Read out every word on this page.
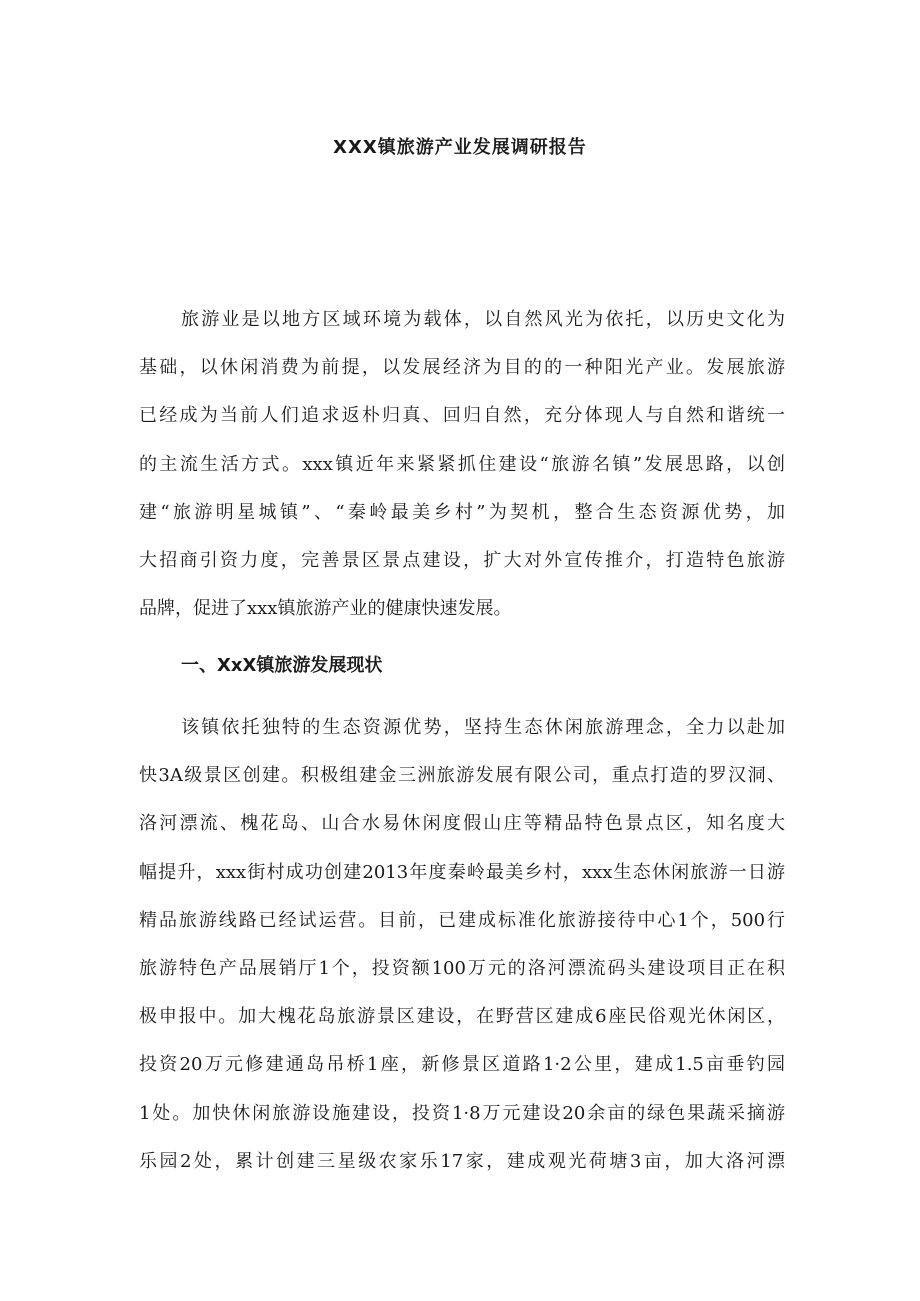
XXX镇旅游产业发展调研报告
旅游业是以地方区域环境为载体，以自然风光为依托，以历史文化为
基础，以休闲消费为前提，以发展经济为目的的一种阳光产业。发展旅游
已经成为当前人们追求返朴归真、回归自然，充分体现人与自然和谐统一
的主流生活方式。xxx镇近年来紧紧抓住建设“旅游名镇”发展思路，以创
建“旅游明星城镇”、“秦岭最美乡村”为契机，整合生态资源优势，加
大招商引资力度，完善景区景点建设，扩大对外宣传推介，打造特色旅游
品牌，促进了xxx镇旅游产业的健康快速发展。
一、XxX镇旅游发展现状
该镇依托独特的生态资源优势，坚持生态休闲旅游理念，全力以赴加
快3A级景区创建。积极组建金三洲旅游发展有限公司，重点打造的罗汉洞、
洛河漂流、槐花岛、山合水易休闲度假山庄等精品特色景点区，知名度大
幅提升，xxx街村成功创建2013年度秦岭最美乡村，xxx生态休闲旅游一日游
精品旅游线路已经试运营。目前，已建成标准化旅游接待中心1个，500行
旅游特色产品展销厅1个，投资额100万元的洛河漂流码头建设项目正在积
极申报中。加大槐花岛旅游景区建设，在野营区建成6座民俗观光休闲区，
投资20万元修建通岛吊桥1座，新修景区道路1·2公里，建成1.5亩垂钓园
1处。加快休闲旅游设施建设，投资1·8万元建设20余亩的绿色果蔬采摘游
乐园2处，累计创建三星级农家乐17家，建成观光荷塘3亩，加大洛河漂
